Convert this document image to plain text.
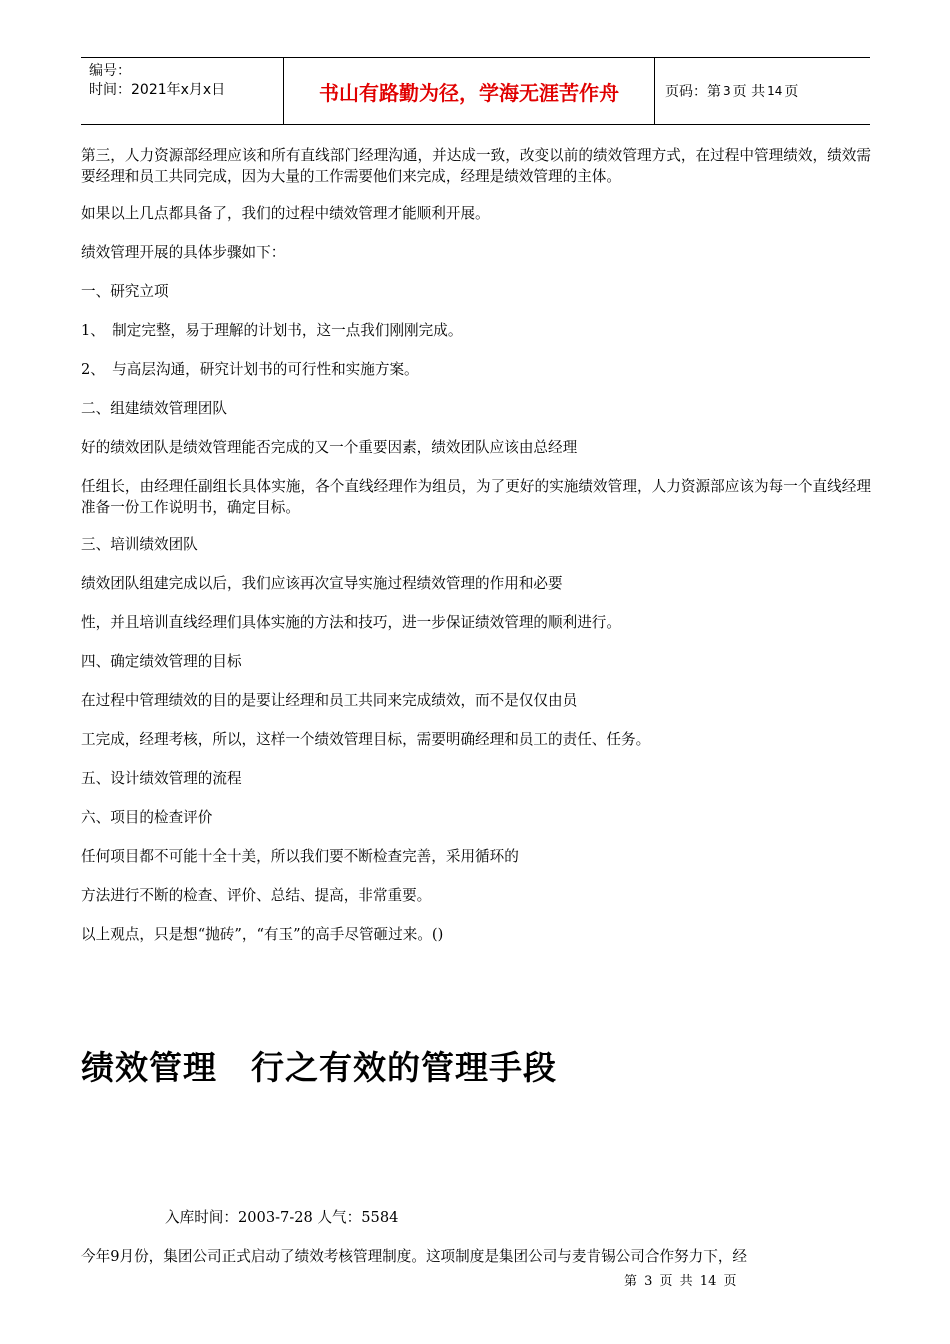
编号：
时间：2021年x月x日	书山有路勤为径，学海无涯苦作舟	页码：第 3 页 共 14 页

第三，人力资源部经理应该和所有直线部门经理沟通，并达成一致，改变以前的绩效管理方式，在过程中管理绩效，绩效需要经理和员工共同完成，因为大量的工作需要他们来完成，经理是绩效管理的主体。

如果以上几点都具备了，我们的过程中绩效管理才能顺利开展。

绩效管理开展的具体步骤如下：

一、研究立项

1、　制定完整，易于理解的计划书，这一点我们刚刚完成。

2、　与高层沟通，研究计划书的可行性和实施方案。

二、组建绩效管理团队

好的绩效团队是绩效管理能否完成的又一个重要因素，绩效团队应该由总经理

任组长，由经理任副组长具体实施，各个直线经理作为组员，为了更好的实施绩效管理，人力资源部应该为每一个直线经理准备一份工作说明书，确定目标。

三、培训绩效团队

绩效团队组建完成以后，我们应该再次宣导实施过程绩效管理的作用和必要

性，并且培训直线经理们具体实施的方法和技巧，进一步保证绩效管理的顺利进行。

四、确定绩效管理的目标

在过程中管理绩效的目的是要让经理和员工共同来完成绩效，而不是仅仅由员

工完成，经理考核，所以，这样一个绩效管理目标，需要明确经理和员工的责任、任务。

五、设计绩效管理的流程

六、项目的检查评价

任何项目都不可能十全十美，所以我们要不断检查完善，采用循环的

方法进行不断的检查、评价、总结、提高，非常重要。

以上观点，只是想“抛砖”，“有玉”的高手尽管砸过来。()

绩效管理　行之有效的管理手段
入库时间：2003-7-28 人气：5584
今年9月份，集团公司正式启动了绩效考核管理制度。这项制度是集团公司与麦肯锡公司合作努力下，经
第 3 页 共 14 页
